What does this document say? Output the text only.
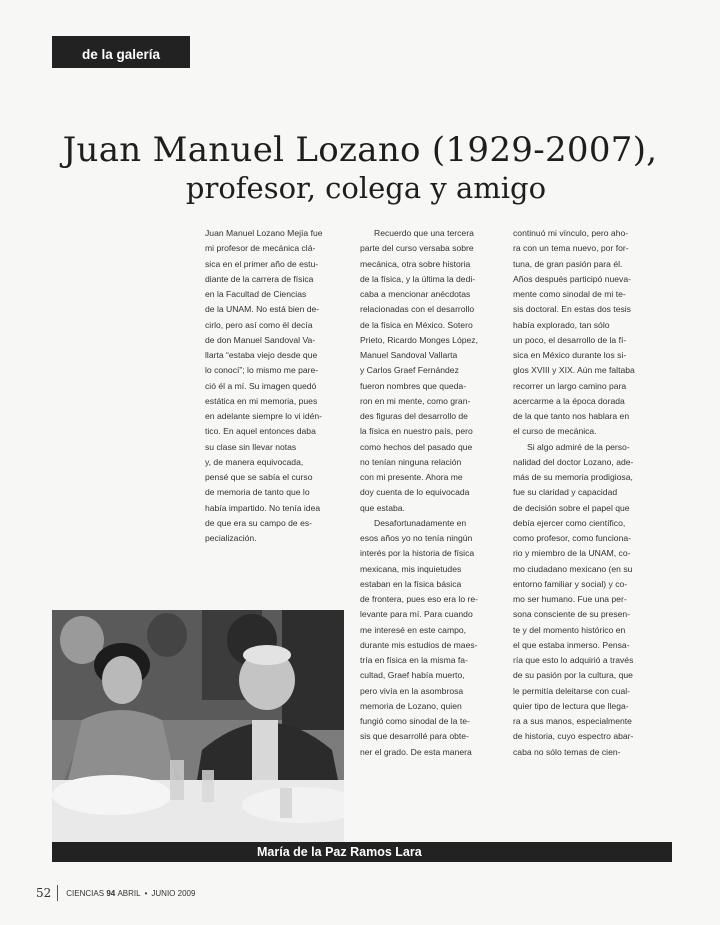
de la galería
Juan Manuel Lozano (1929-2007),
profesor, colega y amigo

Juan Manuel Lozano Mejía fue

mi profesor de mecánica clá-

sica en el primer año de estu-

diante de la carrera de física

en la Facultad de Ciencias

de la UNAM. No está bien de-

cirlo, pero así como él decía

de don Manuel Sandoval Va-

llarta “estaba viejo desde que

lo conocí”; lo mismo me pare-

ció él a mí. Su imagen quedó

estática en mi memoria, pues

en adelante siempre lo vi idén-

tico. En aquel entonces daba

su clase sin llevar notas

y, de manera equivocada,

pensé que se sabía el curso

de memoria de tanto que lo

había impartido. No tenía idea

de que era su campo de es-

pecialización.

Recuerdo que una tercera

parte del curso versaba sobre

mecánica, otra sobre historia

de la física, y la última la dedi-

caba a mencionar anécdotas

relacionadas con el desarrollo

de la física en México. Sotero

Prieto, Ricardo Monges López,

Manuel Sandoval Vallarta

y Carlos Graef Fernández

fueron nombres que queda-

ron en mi mente, como gran-

des figuras del desarrollo de

la física en nuestro país, pero

como hechos del pasado que

no tenían ninguna relación

con mi presente. Ahora me

doy cuenta de lo equivocada

que estaba.

Desafortunadamente en

esos años yo no tenía ningún

interés por la historia de física

mexicana, mis inquietudes

estaban en la física básica

de frontera, pues eso era lo re-

levante para mí. Para cuando

me interesé en este campo,

durante mis estudios de maes-

tría en física en la misma fa-

cultad, Graef había muerto,

pero vivía en la asombrosa

memoria de Lozano, quien

fungió como sinodal de la te-

sis que desarrollé para obte-

ner el grado. De esta manera

continuó mi vínculo, pero aho-

ra con un tema nuevo, por for-

tuna, de gran pasión para él.

Años después participó nueva-

mente como sinodal de mi te-

sis doctoral. En estas dos tesis

había explorado, tan sólo

un poco, el desarrollo de la fí-

sica en México durante los si-

glos XVIII y XIX. Aún me faltaba

recorrer un largo camino para

acercarme a la época dorada

de la que tanto nos hablara en

el curso de mecánica.

Si algo admiré de la perso-

nalidad del doctor Lozano, ade-

más de su memoria prodigiosa,

fue su claridad y capacidad

de decisión sobre el papel que

debía ejercer como científico,

como profesor, como funciona-

rio y miembro de la UNAM, co-

mo ciudadano mexicano (en su

entorno familiar y social) y co-

mo ser humano. Fue una per-

sona consciente de su presen-

te y del momento histórico en

el que estaba inmerso. Pensa-

ría que esto lo adquirió a través

de su pasión por la cultura, que

le permitía deleitarse con cual-

quier tipo de lectura que llega-

ra a sus manos, especialmente

de historia, cuyo espectro abar-

caba no sólo temas de cien-

María de la Paz Ramos Lara
52 CIENCIAS
94
ABRIL • JUNIO 2009
